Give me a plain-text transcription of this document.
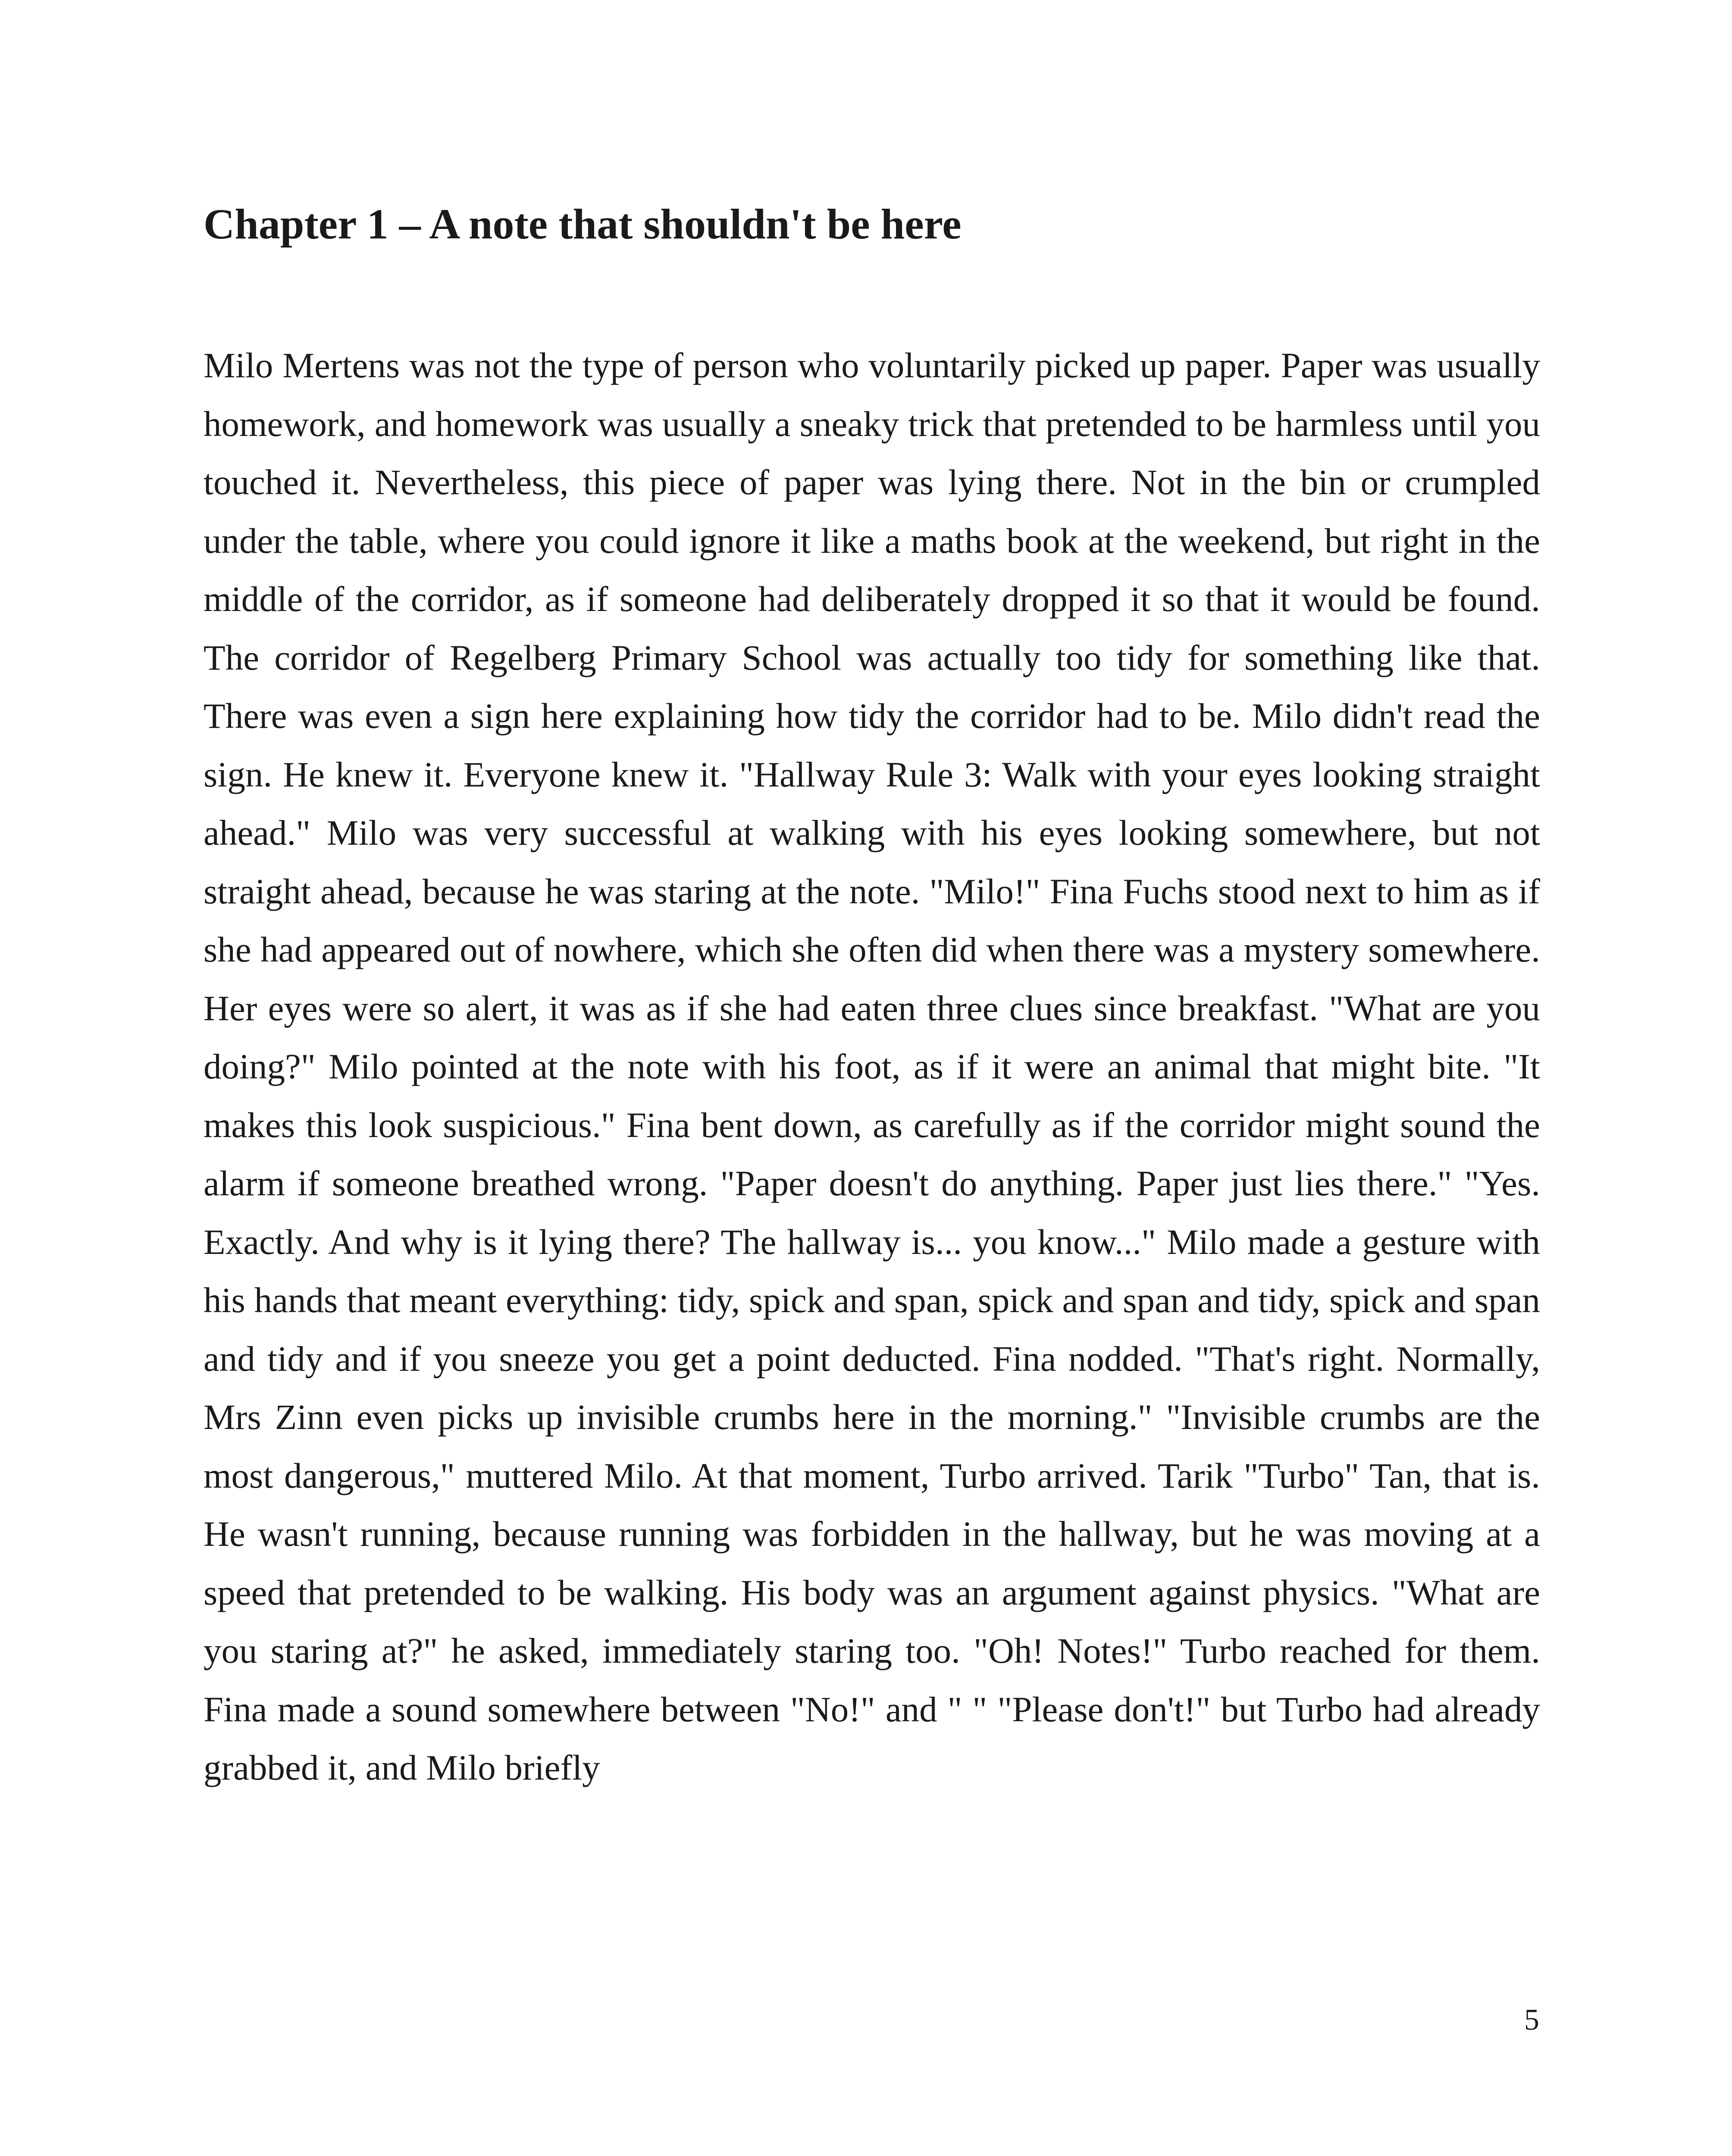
Chapter 1 – A note that shouldn't be here

Milo Mertens was not the type of person who voluntarily picked up paper. Paper was usually homework, and homework was usually a sneaky trick that pretended to be harmless until you touched it. Nevertheless, this piece of paper was lying there. Not in the bin or crumpled under the table, where you could ignore it like a maths book at the weekend, but right in the middle of the corridor, as if someone had deliberately dropped it so that it would be found. The corridor of Regelberg Primary School was actually too tidy for something like that. There was even a sign here explaining how tidy the corridor had to be. Milo didn't read the sign. He knew it. Everyone knew it. "Hallway Rule 3: Walk with your eyes looking straight ahead." Milo was very successful at walking with his eyes looking somewhere, but not straight ahead, because he was staring at the note. "Milo!" Fina Fuchs stood next to him as if she had appeared out of nowhere, which she often did when there was a mystery somewhere. Her eyes were so alert, it was as if she had eaten three clues since breakfast. "What are you doing?" Milo pointed at the note with his foot, as if it were an animal that might bite. "It makes this look suspicious." Fina bent down, as carefully as if the corridor might sound the alarm if someone breathed wrong. "Paper doesn't do anything. Paper just lies there." "Yes. Exactly. And why is it lying there? The hallway is... you know..." Milo made a gesture with his hands that meant everything: tidy, spick and span, spick and span and tidy, spick and span and tidy and if you sneeze you get a point deducted. Fina nodded. "That's right. Normally, Mrs Zinn even picks up invisible crumbs here in the morning." "Invisible crumbs are the most dangerous," muttered Milo. At that moment, Turbo arrived. Tarik "Turbo" Tan, that is. He wasn't running, because running was forbidden in the hallway, but he was moving at a speed that pretended to be walking. His body was an argument against physics. "What are you staring at?" he asked, immediately staring too. "Oh! Notes!" Turbo reached for them. Fina made a sound somewhere between "No!" and " " "Please don't!" but Turbo had already grabbed it, and Milo briefly

5
